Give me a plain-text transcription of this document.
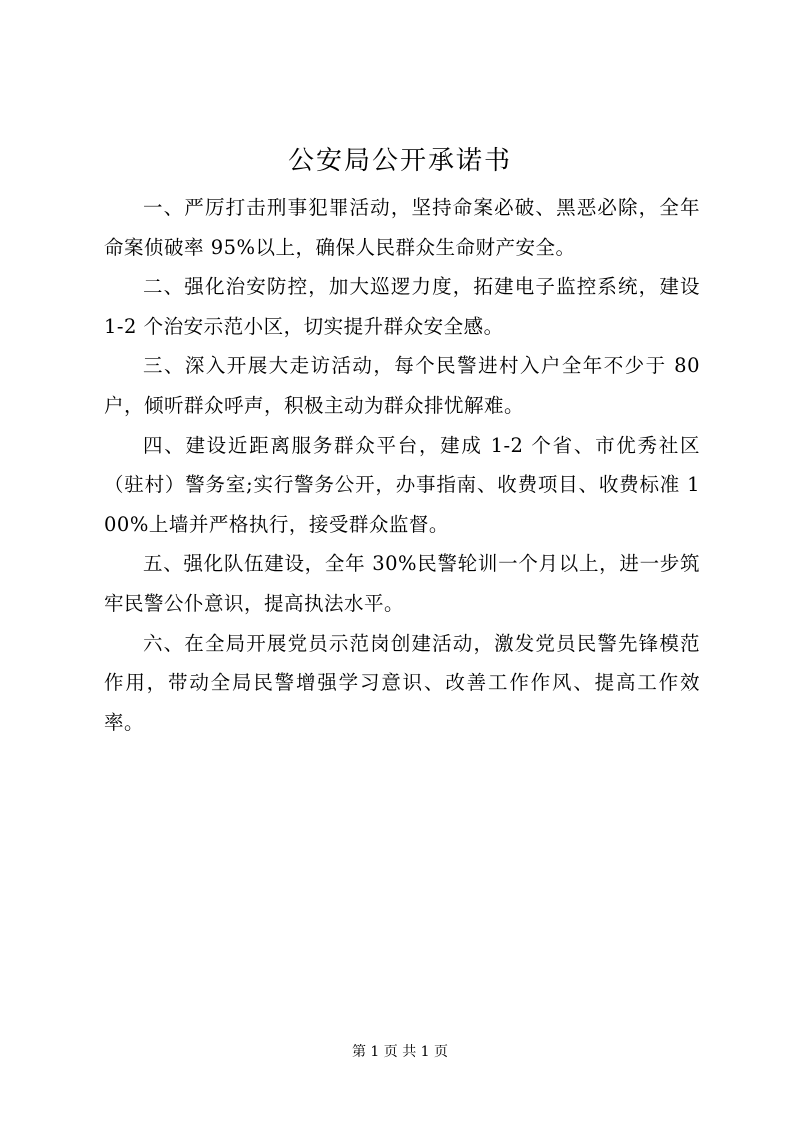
公安局公开承诺书

一、严厉打击刑事犯罪活动，坚持命案必破、黑恶必除，全年命案侦破率 95%以上，确保人民群众生命财产安全。

二、强化治安防控，加大巡逻力度，拓建电子监控系统，建设 1-2 个治安示范小区，切实提升群众安全感。

三、深入开展大走访活动，每个民警进村入户全年不少于 80 户，倾听群众呼声，积极主动为群众排忧解难。

四、建设近距离服务群众平台，建成 1-2 个省、市优秀社区（驻村）警务室;实行警务公开，办事指南、收费项目、收费标准 100%上墙并严格执行，接受群众监督。

五、强化队伍建设，全年 30%民警轮训一个月以上，进一步筑牢民警公仆意识，提高执法水平。

六、在全局开展党员示范岗创建活动，激发党员民警先锋模范作用，带动全局民警增强学习意识、改善工作作风、提高工作效率。

第 1 页 共 1 页
